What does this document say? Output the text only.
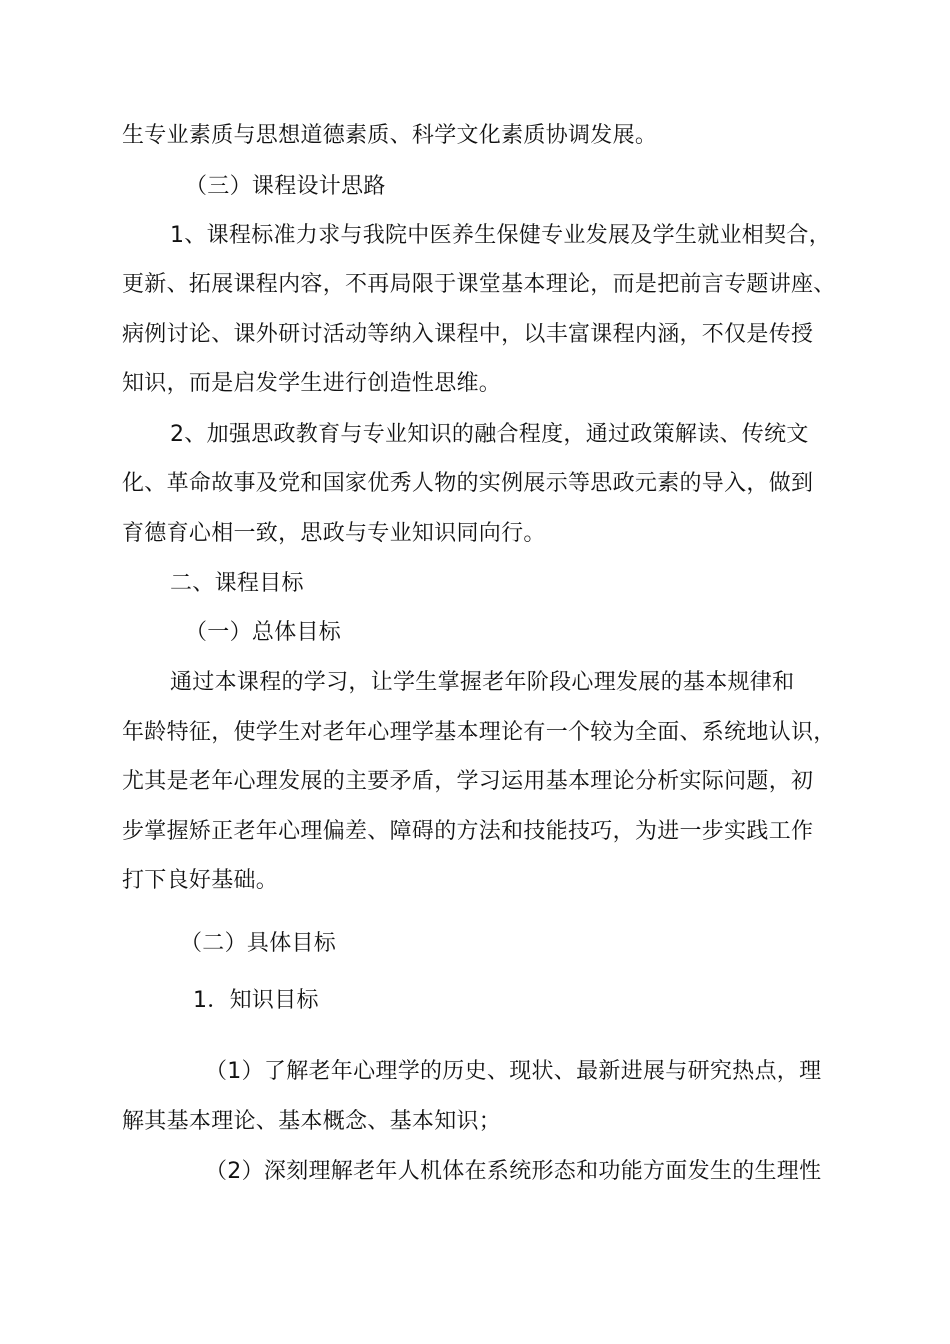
生专业素质与思想道德素质、科学文化素质协调发展。
（三）课程设计思路
1、课程标准力求与我院中医养生保健专业发展及学生就业相契合，
更新、拓展课程内容，不再局限于课堂基本理论，而是把前言专题讲座、
病例讨论、课外研讨活动等纳入课程中，以丰富课程内涵，不仅是传授
知识，而是启发学生进行创造性思维。
2、加强思政教育与专业知识的融合程度，通过政策解读、传统文
化、革命故事及党和国家优秀人物的实例展示等思政元素的导入，做到
育德育心相一致，思政与专业知识同向行。
二、课程目标
（一）总体目标
通过本课程的学习，让学生掌握老年阶段心理发展的基本规律和
年龄特征，使学生对老年心理学基本理论有一个较为全面、系统地认识，
尤其是老年心理发展的主要矛盾，学习运用基本理论分析实际问题，初
步掌握矫正老年心理偏差、障碍的方法和技能技巧，为进一步实践工作
打下良好基础。
（二）具体目标
1．知识目标
（1）了解老年心理学的历史、现状、最新进展与研究热点，理
解其基本理论、基本概念、基本知识；
（2）深刻理解老年人机体在系统形态和功能方面发生的生理性
